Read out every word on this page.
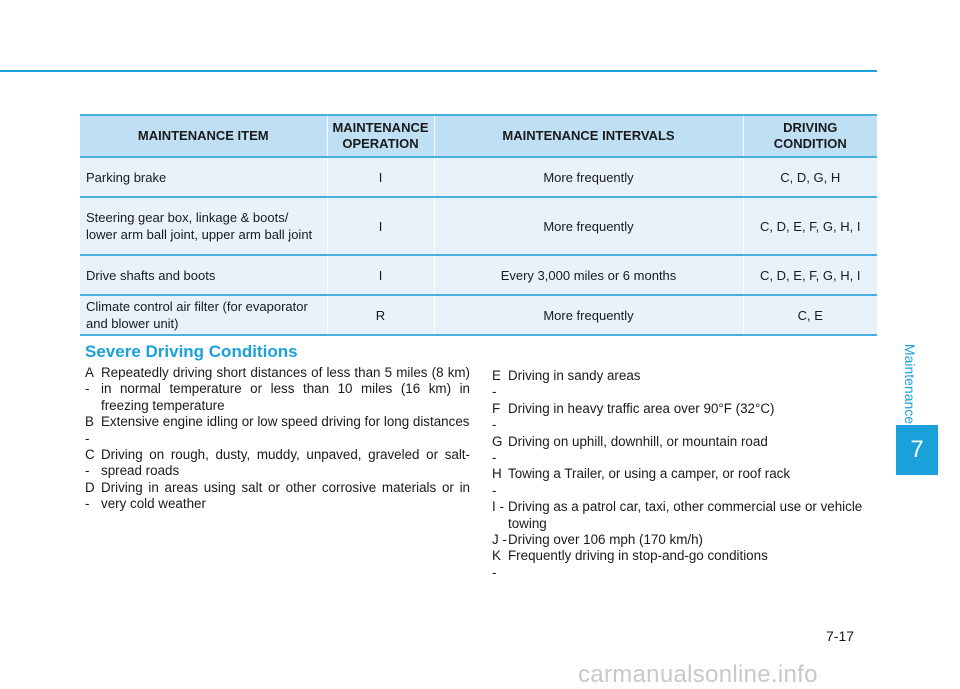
MAINTENANCE ITEM	MAINTENANCE OPERATION	MAINTENANCE INTERVALS	DRIVING CONDITION
Parking brake	I	More frequently	C, D, G, H
Steering gear box, linkage & boots/ lower arm ball joint, upper arm ball joint	I	More frequently	C, D, E, F, G, H, I
Drive shafts and boots	I	Every 3,000 miles or 6 months	C, D, E, F, G, H, I
Climate control air filter (for evaporator and blower unit)	R	More frequently	C, E
Severe Driving Conditions
A -
Repeatedly driving short distances of less than 5 miles (8 km) in normal temperature or less than 10 miles (16 km) in freezing temperature
B -
Extensive engine idling or low speed driving for long distances
C -
Driving on rough, dusty, muddy, unpaved, graveled or salt-spread roads
D -
Driving in areas using salt or other corrosive materials or in very cold weather
E -
Driving in sandy areas
F -
Driving in heavy traffic area over 90°F (32°C)
G -
Driving on uphill, downhill, or mountain road
H -
Towing a Trailer, or using a camper, or roof rack
I - Driving as a patrol car, taxi, other commercial use or vehicle towing
J - Driving over 106 mph (170 km/h)
K -
Frequently driving in stop-and-go conditions
Maintenance
7
7-17
carmanualsonline.info
